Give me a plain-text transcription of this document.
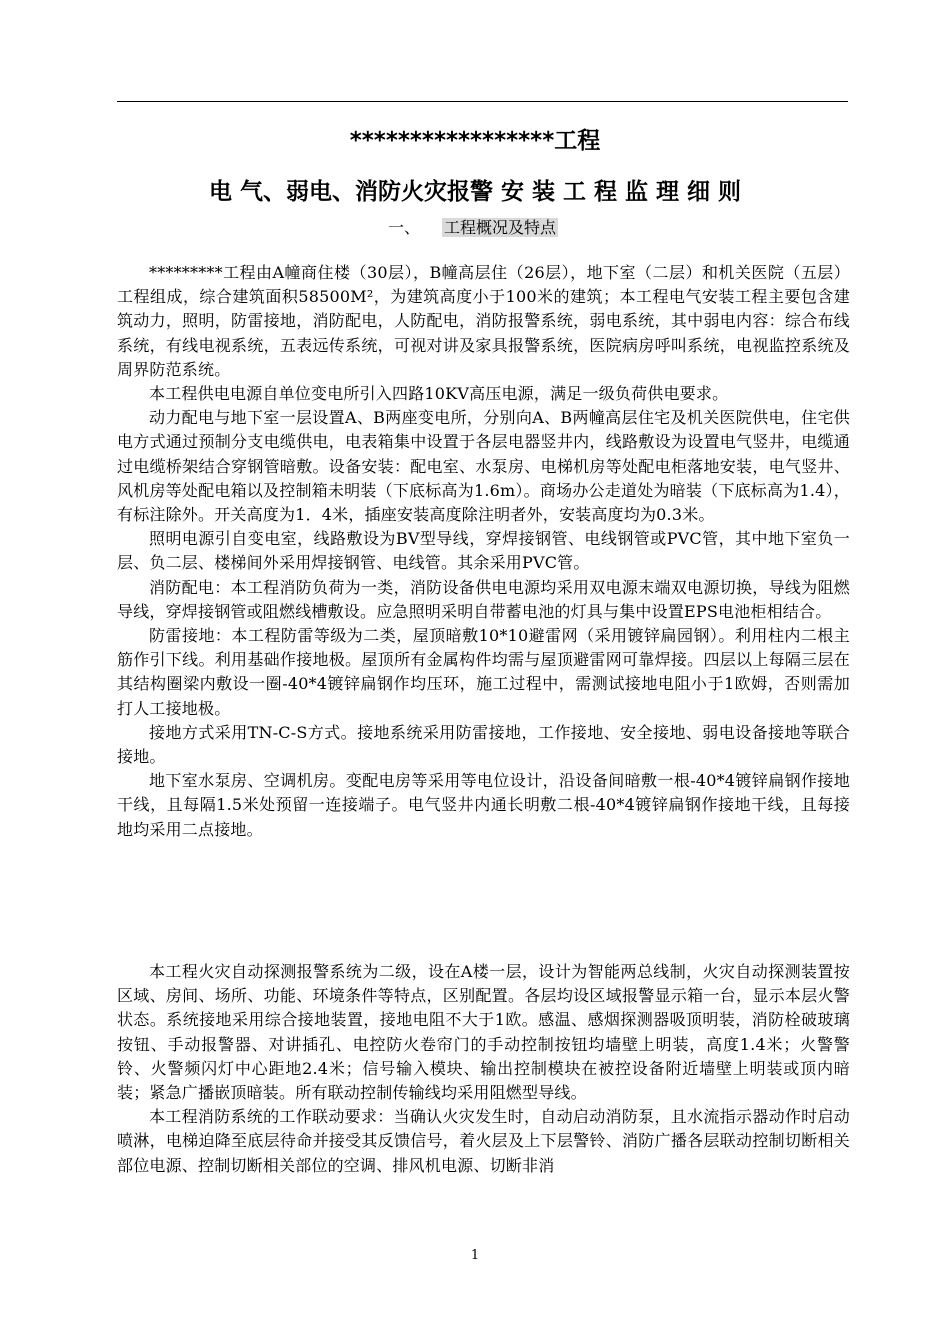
*****************工程
电 气、弱电、消防火灾报警 安 装 工 程 监 理 细 则
一、 工程概况及特点

*********工程由A幢商住楼（30层），B幢高层住（26层），地下室（二层）和机关医院（五层）工程组成，综合建筑面积58500M²，为建筑高度小于100米的建筑；本工程电气安装工程主要包含建筑动力，照明，防雷接地，消防配电，人防配电，消防报警系统，弱电系统，其中弱电内容：综合布线系统，有线电视系统，五表远传系统，可视对讲及家具报警系统，医院病房呼叫系统，电视监控系统及周界防范系统。

本工程供电电源自单位变电所引入四路10KV高压电源，满足一级负荷供电要求。

动力配电与地下室一层设置A、B两座变电所，分别向A、B两幢高层住宅及机关医院供电，住宅供电方式通过预制分支电缆供电，电表箱集中设置于各层电器竖井内，线路敷设为设置电气竖井，电缆通过电缆桥架结合穿钢管暗敷。设备安装：配电室、水泵房、电梯机房等处配电柜落地安装，电气竖井、风机房等处配电箱以及控制箱未明装（下底标高为1.6m）。商场办公走道处为暗装（下底标高为1.4），有标注除外。开关高度为1．4米，插座安装高度除注明者外，安装高度均为0.3米。

照明电源引自变电室，线路敷设为BV型导线，穿焊接钢管、电线钢管或PVC管，其中地下室负一层、负二层、楼梯间外采用焊接钢管、电线管。其余采用PVC管。

消防配电：本工程消防负荷为一类，消防设备供电电源均采用双电源末端双电源切换，导线为阻燃导线，穿焊接钢管或阻燃线槽敷设。应急照明采明自带蓄电池的灯具与集中设置EPS电池柜相结合。

防雷接地：本工程防雷等级为二类，屋顶暗敷10*10避雷网（采用镀锌扁园钢）。利用柱内二根主筋作引下线。利用基础作接地极。屋顶所有金属构件均需与屋顶避雷网可靠焊接。四层以上每隔三层在其结构圈梁内敷设一圈-40*4镀锌扁钢作均压环，施工过程中，需测试接地电阻小于1欧姆，否则需加打人工接地极。

接地方式采用TN-C-S方式。接地系统采用防雷接地，工作接地、安全接地、弱电设备接地等联合接地。

地下室水泵房、空调机房。变配电房等采用等电位设计，沿设备间暗敷一根-40*4镀锌扁钢作接地干线，且每隔1.5米处预留一连接端子。电气竖井内通长明敷二根-40*4镀锌扁钢作接地干线，且每接地均采用二点接地。

本工程火灾自动探测报警系统为二级，设在A楼一层，设计为智能两总线制，火灾自动探测装置按区域、房间、场所、功能、环境条件等特点，区别配置。各层均设区域报警显示箱一台，显示本层火警状态。系统接地采用综合接地装置，接地电阻不大于1欧。感温、感烟探测器吸顶明装，消防栓破玻璃按钮、手动报警器、对讲插孔、电控防火卷帘门的手动控制按钮均墙壁上明装，高度1.4米；火警警铃、火警频闪灯中心距地2.4米；信号输入模块、输出控制模块在被控设备附近墙壁上明装或顶内暗装；紧急广播嵌顶暗装。所有联动控制传输线均采用阻燃型导线。

本工程消防系统的工作联动要求：当确认火灾发生时，自动启动消防泵，且水流指示器动作时启动喷淋，电梯迫降至底层待命并接受其反馈信号，着火层及上下层警铃、消防广播各层联动控制切断相关部位电源、控制切断相关部位的空调、排风机电源、切断非消

1
